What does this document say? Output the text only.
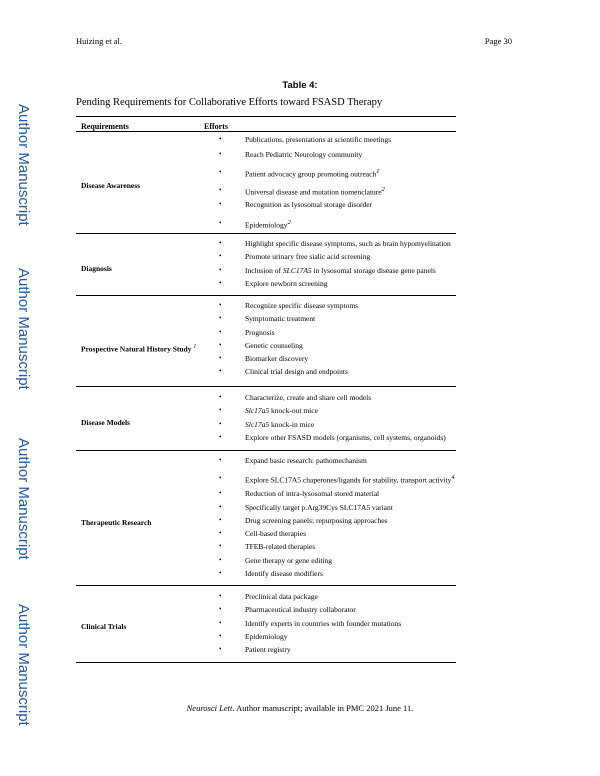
Huizing et al.	Page 30
Author Manuscript
Author Manuscript
Author Manuscript
Author Manuscript
Table 4:
Pending Requirements for Collaborative Efforts toward FSASD Therapy
Requirements	Efforts
Disease Awareness
• Publications, presentations at scientific meetings
• Reach Pediatric Neurology community
• Patient advocacy group promoting outreach$^1$
• Universal disease and mutation nomenclature$^2$
• Recognition as lysosomal storage disorder
• Epidemiology$^2$
Diagnosis
• Highlight specific disease symptoms, such as brain hypomyelination
• Promote urinary free sialic acid screening
• Inclusion of SLC17A5 in lysosomal storage disease gene panels
• Explore newborn screening
Prospective Natural History Study $^1$
• Recognize specific disease symptoms
• Symptomatic treatment
• Prognosis
• Genetic counseling
• Biomarker discovery
• Clinical trial design and endpoints
Disease Models
• Characterize, create and share cell models
• Slc17a5 knock-out mice
• Slc17a5 knock-in mice
• Explore other FSASD models (organisms, cell systems, organoids)
Therapeutic Research
• Expand basic research: pathomechanism
• Explore SLC17A5 chaperones/ligands for stability, transport activity$^4$
• Reduction of intra-lysosomal stored material
• Specifically target p.Arg39Cys SLC17A5 variant
• Drug screening panels; repurposing approaches
• Cell-based therapies
• TFEB-related therapies
• Gene therapy or gene editing
• Identify disease modifiers
Clinical Trials
• Preclinical data package
• Pharmaceutical industry collaborator
• Identify experts in countries with founder mutations
• Epidemiology
• Patient registry
Neurosci Lett. Author manuscript; available in PMC 2021 June 11.
